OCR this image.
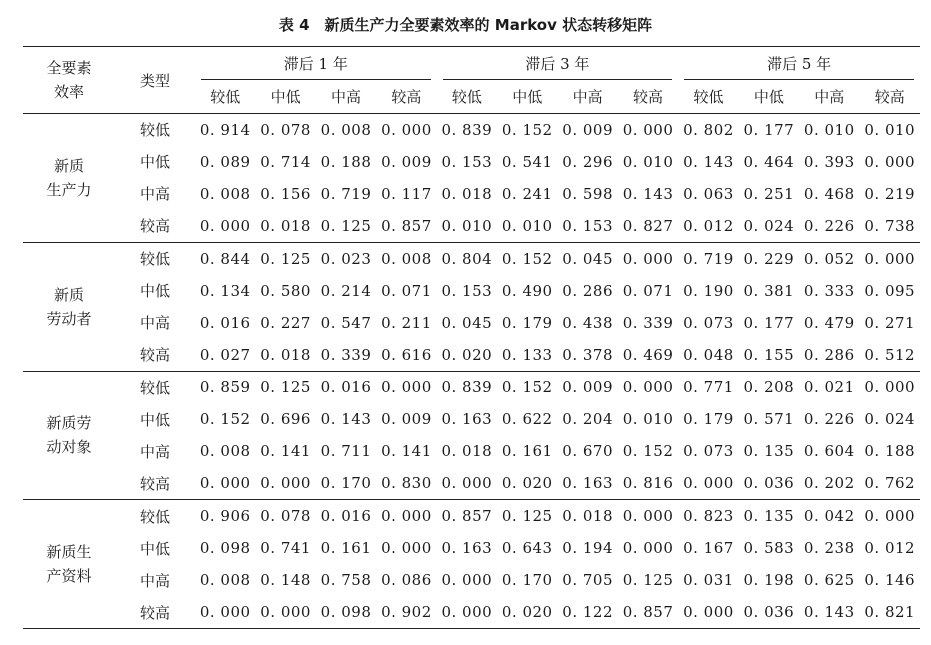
表 4　新质生产力全要素效率的 Markov 状态转移矩阵
全要素
效率	类型	滞后 1 年				滞后 3 年				滞后 5 年			

		较低	中低	中高	较高	较低	中低	中高	较高	较低	中低	中高	较高
新质
生产力	较低	0. 914	0. 078	0. 008	0. 000	0. 839	0. 152	0. 009	0. 000	0. 802	0. 177	0. 010	0. 010
	中低	0. 089	0. 714	0. 188	0. 009	0. 153	0. 541	0. 296	0. 010	0. 143	0. 464	0. 393	0. 000
	中高	0. 008	0. 156	0. 719	0. 117	0. 018	0. 241	0. 598	0. 143	0. 063	0. 251	0. 468	0. 219
	较高	0. 000	0. 018	0. 125	0. 857	0. 010	0. 010	0. 153	0. 827	0. 012	0. 024	0. 226	0. 738
新质
劳动者	较低	0. 844	0. 125	0. 023	0. 008	0. 804	0. 152	0. 045	0. 000	0. 719	0. 229	0. 052	0. 000
	中低	0. 134	0. 580	0. 214	0. 071	0. 153	0. 490	0. 286	0. 071	0. 190	0. 381	0. 333	0. 095
	中高	0. 016	0. 227	0. 547	0. 211	0. 045	0. 179	0. 438	0. 339	0. 073	0. 177	0. 479	0. 271
	较高	0. 027	0. 018	0. 339	0. 616	0. 020	0. 133	0. 378	0. 469	0. 048	0. 155	0. 286	0. 512
新质劳
动对象	较低	0. 859	0. 125	0. 016	0. 000	0. 839	0. 152	0. 009	0. 000	0. 771	0. 208	0. 021	0. 000
	中低	0. 152	0. 696	0. 143	0. 009	0. 163	0. 622	0. 204	0. 010	0. 179	0. 571	0. 226	0. 024
	中高	0. 008	0. 141	0. 711	0. 141	0. 018	0. 161	0. 670	0. 152	0. 073	0. 135	0. 604	0. 188
	较高	0. 000	0. 000	0. 170	0. 830	0. 000	0. 020	0. 163	0. 816	0. 000	0. 036	0. 202	0. 762
新质生
产资料	较低	0. 906	0. 078	0. 016	0. 000	0. 857	0. 125	0. 018	0. 000	0. 823	0. 135	0. 042	0. 000
	中低	0. 098	0. 741	0. 161	0. 000	0. 163	0. 643	0. 194	0. 000	0. 167	0. 583	0. 238	0. 012
	中高	0. 008	0. 148	0. 758	0. 086	0. 000	0. 170	0. 705	0. 125	0. 031	0. 198	0. 625	0. 146
	较高	0. 000	0. 000	0. 098	0. 902	0. 000	0. 020	0. 122	0. 857	0. 000	0. 036	0. 143	0. 821
